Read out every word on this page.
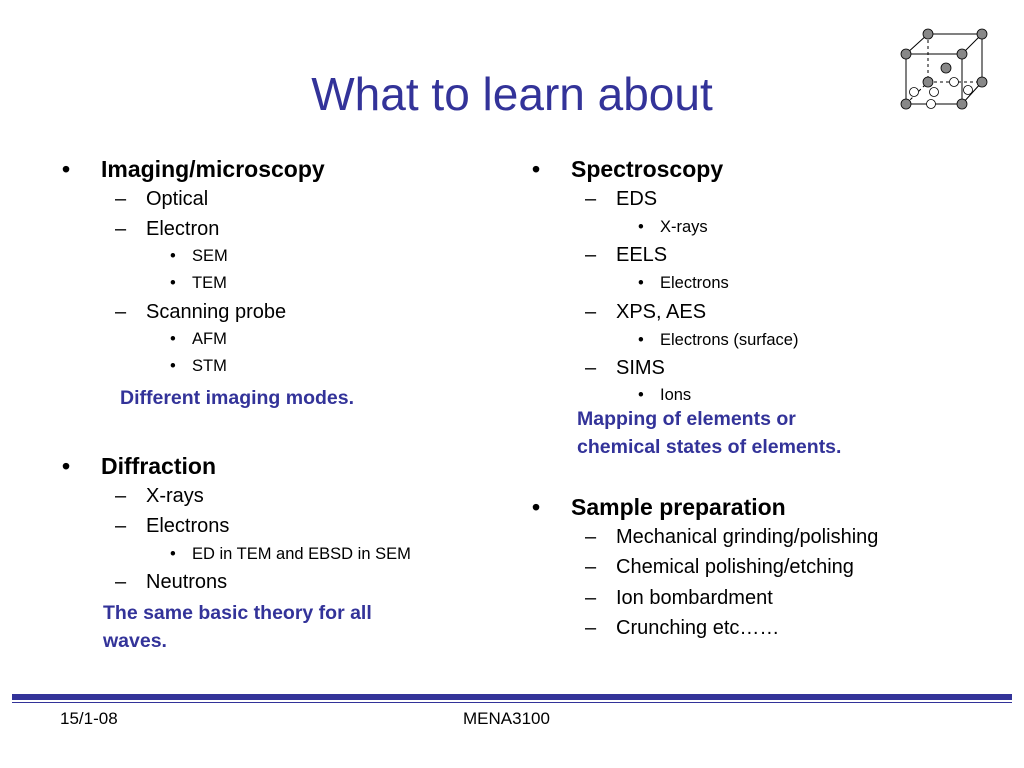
What to learn about
• Imaging/microscopy
– Optical
– Electron
• SEM
• TEM
– Scanning probe
• AFM
• STM
Different imaging modes.
• Diffraction
– X-rays
– Electrons
• ED in TEM and EBSD in SEM
– Neutrons
The same basic theory for all
waves.
• Spectroscopy
– EDS
• X-rays
– EELS
• Electrons
– XPS, AES
• Electrons (surface)
– SIMS
• Ions
Mapping of elements or
chemical states of elements.
• Sample preparation
– Mechanical grinding/polishing
– Chemical polishing/etching
– Ion bombardment
– Crunching etc……
15/1-08	MENA3100
